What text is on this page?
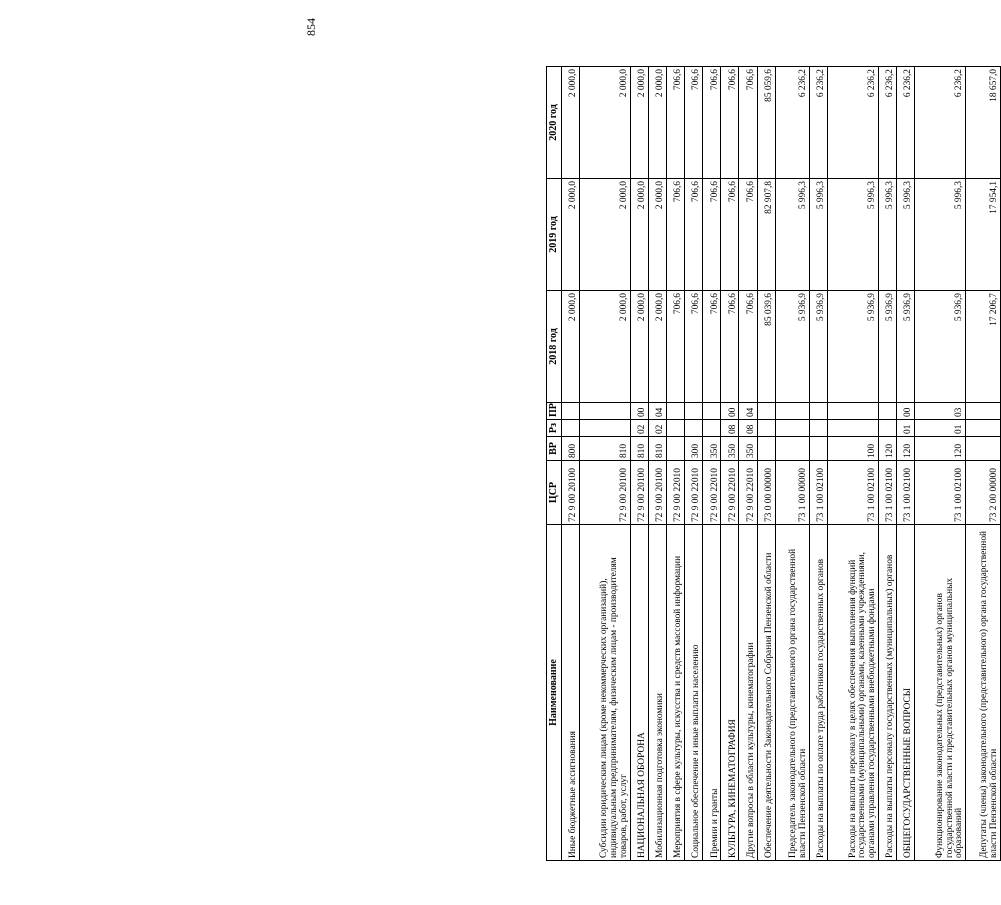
854
Наименование	ЦСР	ВР	Рз	ПР	2018 год	2019 год	2020 год
Иные бюджетные ассигнования	72 9 00 20100	800			2 000,0	2 000,0	2 000,0
Субсидии юридическим лицам (кроме некоммерческих организаций), индивидуальным предпринимателям, физическим лицам - производителям товаров, работ, услуг	72 9 00 20100	810			2 000,0	2 000,0	2 000,0
НАЦИОНАЛЬНАЯ ОБОРОНА	72 9 00 20100	810	02	00	2 000,0	2 000,0	2 000,0
Мобилизационная подготовка экономики	72 9 00 20100	810	02	04	2 000,0	2 000,0	2 000,0
Мероприятия в сфере культуры, искусства и средств массовой информации	72 9 00 22010				706,6	706,6	706,6
Социальное обеспечение и иные выплаты населению	72 9 00 22010	300			706,6	706,6	706,6
Премии и гранты	72 9 00 22010	350			706,6	706,6	706,6
КУЛЬТУРА, КИНЕМАТОГРАФИЯ	72 9 00 22010	350	08	00	706,6	706,6	706,6
Другие вопросы в области культуры, кинематографии	72 9 00 22010	350	08	04	706,6	706,6	706,6
Обеспечение деятельности Законодательного Собрания Пензенской области	73 0 00 00000				85 039,6	82 907,8	85 059,6
Председатель законодательного (представительного) органа государственной власти Пензенской области	73 1 00 00000				5 936,9	5 996,3	6 236,2
Расходы на выплаты по оплате труда работников государственных органов	73 1 00 02100				5 936,9	5 996,3	6 236,2
Расходы на выплаты персоналу в целях обеспечения выполнения функций государственными (муниципальными) органами, казенными учреждениями, органами управления государственными внебюджетными фондами	73 1 00 02100	100			5 936,9	5 996,3	6 236,2
Расходы на выплаты персоналу государственных (муниципальных) органов	73 1 00 02100	120			5 936,9	5 996,3	6 236,2
ОБЩЕГОСУДАРСТВЕННЫЕ ВОПРОСЫ	73 1 00 02100	120	01	00	5 936,9	5 996,3	6 236,2
Функционирование законодательных (представительных) органов государственной власти и представительных органов муниципальных образований	73 1 00 02100	120	01	03	5 936,9	5 996,3	6 236,2
Депутаты (члены) законодательного (представительного) органа государственной власти Пензенской области	73 2 00 00000				17 206,7	17 954,1	18 657,0
